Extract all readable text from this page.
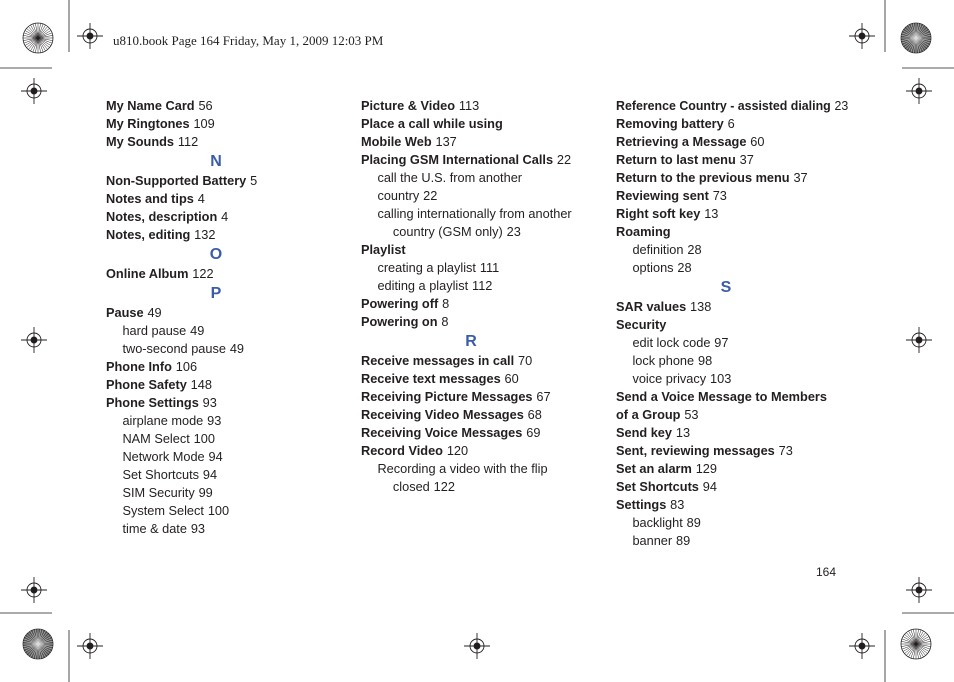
u810.book Page 164 Friday, May 1, 2009 12:03 PM
My Name Card 56
My Ringtones 109
My Sounds 112
N
Non-Supported Battery 5
Notes and tips 4
Notes, description 4
Notes, editing 132
O
Online Album 122
P
Pause 49
hard pause 49
two-second pause 49
Phone Info 106
Phone Safety 148
Phone Settings 93
airplane mode 93
NAM Select 100
Network Mode 94
Set Shortcuts 94
SIM Security 99
System Select 100
time & date 93
Picture & Video 113
Place a call while using
Mobile Web 137
Placing GSM International Calls 22
call the U.S. from another
country 22
calling internationally from another
country (GSM only) 23
Playlist
creating a playlist 111
editing a playlist 112
Powering off 8
Powering on 8
R
Receive messages in call 70
Receive text messages 60
Receiving Picture Messages 67
Receiving Video Messages 68
Receiving Voice Messages 69
Record Video 120
Recording a video with the flip
closed 122
Reference Country - assisted dialing 23
Removing battery 6
Retrieving a Message 60
Return to last menu 37
Return to the previous menu 37
Reviewing sent 73
Right soft key 13
Roaming
definition 28
options 28
S
SAR values 138
Security
edit lock code 97
lock phone 98
voice privacy 103
Send a Voice Message to Members
of a Group 53
Send key 13
Sent, reviewing messages 73
Set an alarm 129
Set Shortcuts 94
Settings 83
backlight 89
banner 89
164
